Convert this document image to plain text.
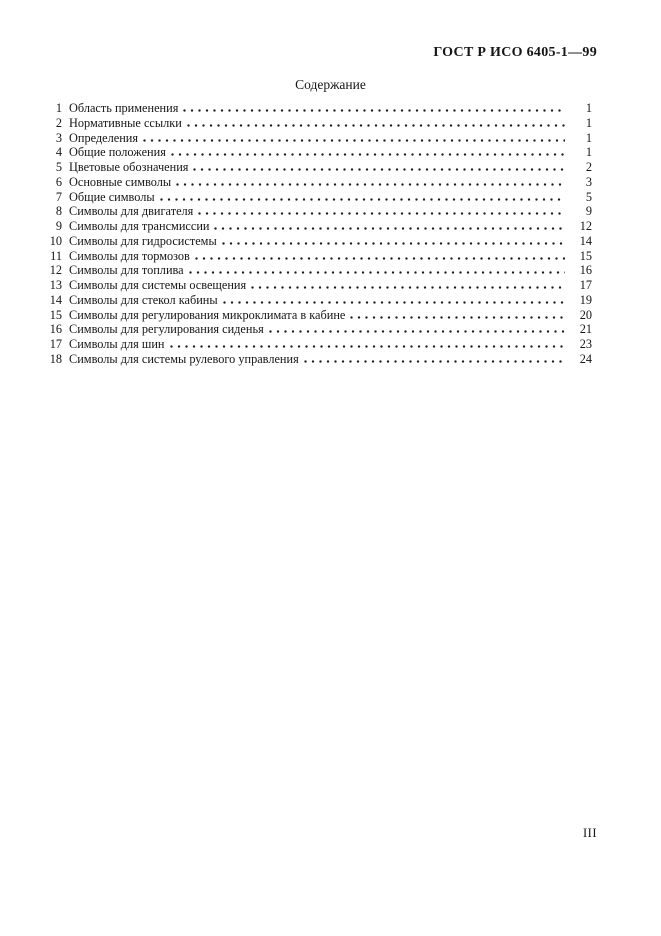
ГОСТ Р ИСО 6405-1—99
Содержание
1 Область применения	1
2 Нормативные ссылки	1
3 Определения	1
4 Общие положения	1
5 Цветовые обозначения	2
6 Основные символы	3
7 Общие символы	5
8 Символы для двигателя	9
9 Символы для трансмиссии	12
10 Символы для гидросистемы	14
11 Символы для тормозов	15
12 Символы для топлива	16
13 Символы для системы освещения	17
14 Символы для стекол кабины	19
15 Символы для регулирования микроклимата в кабине	20
16 Символы для регулирования сиденья	21
17 Символы для шин	23
18 Символы для системы рулевого управления	24
III
